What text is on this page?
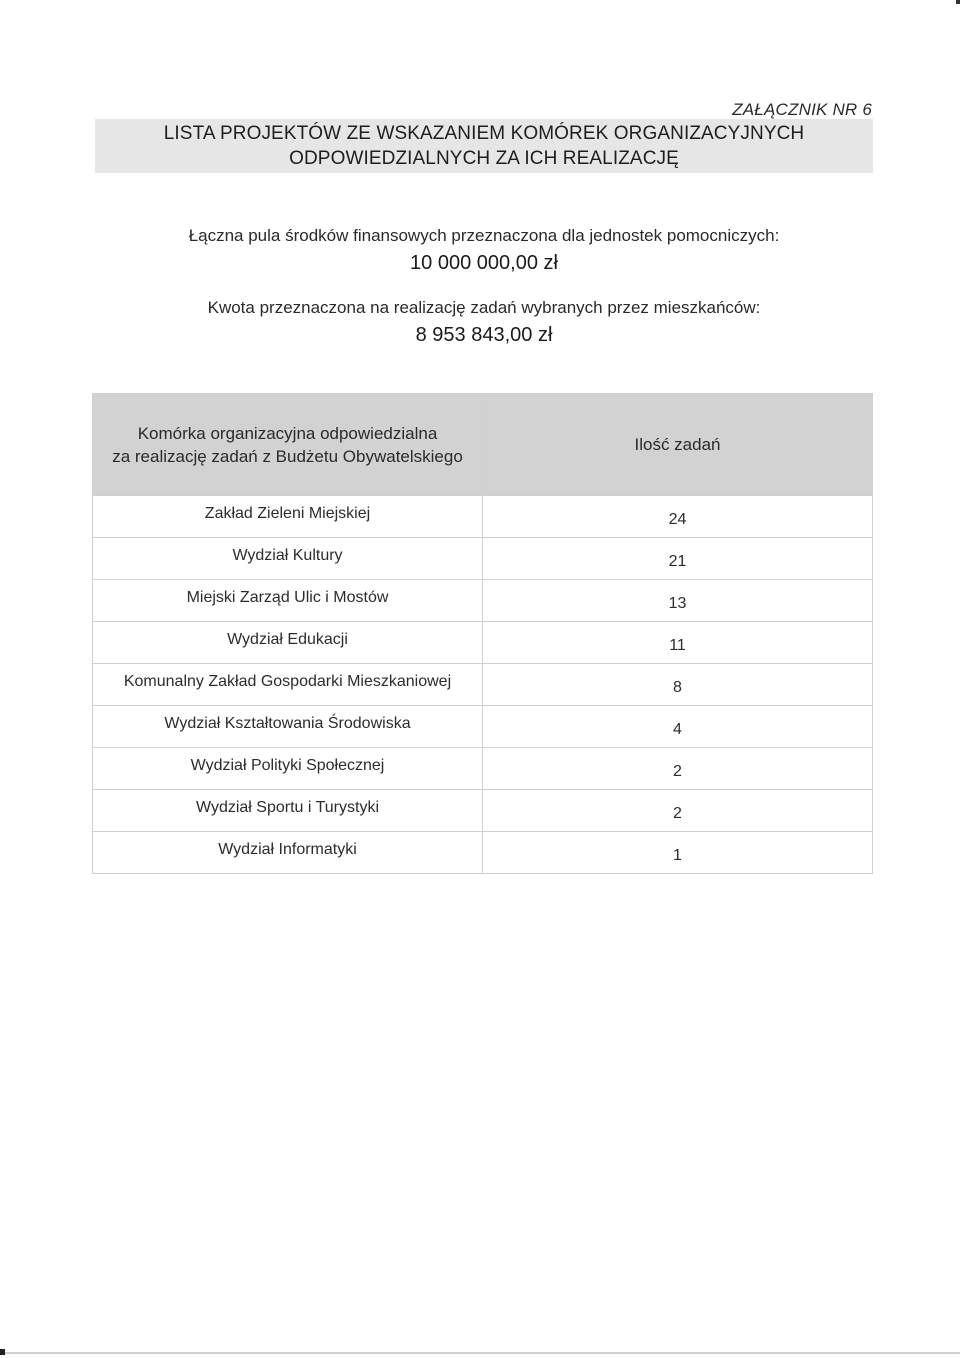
ZAŁĄCZNIK NR 6
LISTA PROJEKTÓW ZE WSKAZANIEM KOMÓREK ORGANIZACYJNYCH
ODPOWIEDZIALNYCH ZA ICH REALIZACJĘ
Łączna pula środków finansowych przeznaczona dla jednostek pomocniczych:
10 000 000,00 zł
Kwota przeznaczona na realizację zadań wybranych przez mieszkańców:
8 953 843,00 zł
Komórka organizacyjna odpowiedzialna
za realizację zadań z Budżetu Obywatelskiego	Ilość zadań
Zakład Zieleni Miejskiej	24
Wydział Kultury	21
Miejski Zarząd Ulic i Mostów	13
Wydział Edukacji	11
Komunalny Zakład Gospodarki Mieszkaniowej	8
Wydział Kształtowania Środowiska	4
Wydział Polityki Społecznej	2
Wydział Sportu i Turystyki	2
Wydział Informatyki	1
